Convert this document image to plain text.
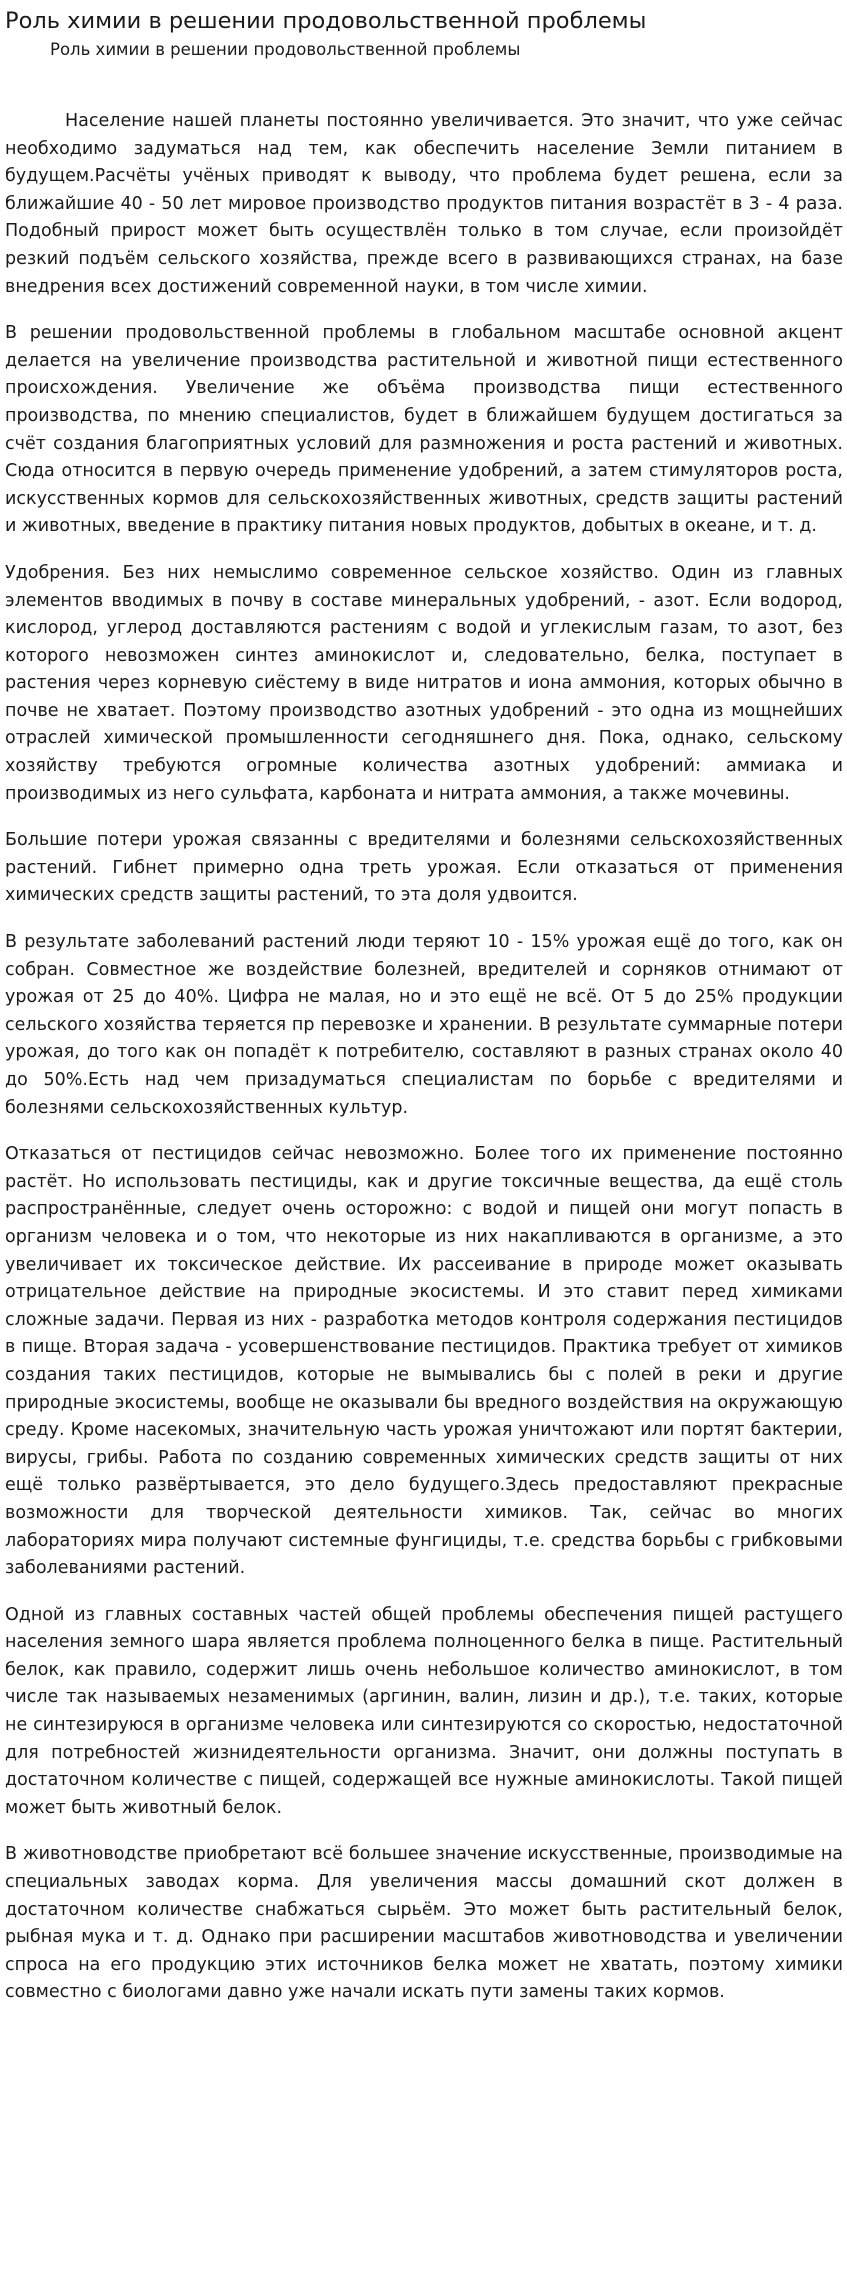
Роль химии в решении продовольственной проблемы
Роль химии в решении продовольственной проблемы

Население нашей планеты постоянно увеличивается. Это значит, что уже сейчас необходимо задуматься над тем, как обеспечить население Земли питанием в будущем.Расчёты учёных приводят к выводу, что проблема будет решена, если за ближайшие 40 - 50 лет мировое производство продуктов питания возрастёт в 3 - 4 раза. Подобный прирост может быть осуществлён только в том случае, если произойдёт резкий подъём сельского хозяйства, прежде всего в развивающихся странах, на базе внедрения всех достижений современной науки, в том числе химии.

В решении продовольственной проблемы в глобальном масштабе основной акцент делается на увеличение производства растительной и животной пищи естественного происхождения. Увеличение же объёма производства пищи естественного производства, по мнению специалистов, будет в ближайшем будущем достигаться за счёт создания благоприятных условий для размножения и роста растений и животных. Сюда относится в первую очередь применение удобрений, а затем стимуляторов роста, искусственных кормов для сельскохозяйственных животных, средств защиты растений и животных, введение в практику питания новых продуктов, добытых в океане, и т. д.

Удобрения. Без них немыслимо современное сельское хозяйство. Один из главных элементов вводимых в почву в составе минеральных удобрений, - азот. Если водород, кислород, углерод доставляются растениям с водой и углекислым газам, то азот, без которого невозможен синтез аминокислот и, следовательно, белка, поступает в растения через корневую сиёстему в виде нитратов и иона аммония, которых обычно в почве не хватает. Поэтому производство азотных удобрений - это одна из мощнейших отраслей химической промышленности сегодняшнего дня. Пока, однако, сельскому хозяйству требуются огромные количества азотных удобрений: аммиака и производимых из него сульфата, карбоната и нитрата аммония, а также мочевины.

Большие потери урожая связанны с вредителями и болезнями сельскохозяйственных растений. Гибнет примерно одна треть урожая. Если отказаться от применения химических средств защиты растений, то эта доля удвоится.

В результате заболеваний растений люди теряют 10 - 15% урожая ещё до того, как он собран. Совместное же воздействие болезней, вредителей и сорняков отнимают от урожая от 25 до 40%. Цифра не малая, но и это ещё не всё. От 5 до 25% продукции сельского хозяйства теряется пр перевозке и хранении. В результате суммарные потери урожая, до того как он попадёт к потребителю, составляют в разных странах около 40 до 50%.Есть над чем призадуматься специалистам по борьбе с вредителями и болезнями сельскохозяйственных культур.

Отказаться от пестицидов сейчас невозможно. Более того их применение постоянно растёт. Но использовать пестициды, как и другие токсичные вещества, да ещё столь распространённые, следует очень осторожно: с водой и пищей они могут попасть в организм человека и о том, что некоторые из них накапливаются в организме, а это увеличивает их токсическое действие. Их рассеивание в природе может оказывать отрицательное действие на природные экосистемы. И это ставит перед химиками сложные задачи. Первая из них - разработка методов контроля содержания пестицидов в пище. Вторая задача - усовершенствование пестицидов. Практика требует от химиков создания таких пестицидов, которые не вымывались бы с полей в реки и другие природные экосистемы, вообще не оказывали бы вредного воздействия на окружающую среду. Кроме насекомых, значительную часть урожая уничтожают или портят бактерии, вирусы, грибы. Работа по созданию современных химических средств защиты от них ещё только развёртывается, это дело будущего.Здесь предоставляют прекрасные возможности для творческой деятельности химиков. Так, сейчас во многих лабораториях мира получают системные фунгициды, т.е. средства борьбы с грибковыми заболеваниями растений.

Одной из главных составных частей общей проблемы обеспечения пищей растущего населения земного шара является проблема полноценного белка в пище. Растительный белок, как правило, содержит лишь очень небольшое количество аминокислот, в том числе так называемых незаменимых (аргинин, валин, лизин и др.), т.е. таких, которые не синтезируюся в организме человека или синтезируются со скоростью, недостаточной для потребностей жизнидеятельности организма. Значит, они должны поступать в достаточном количестве с пищей, содержащей все нужные аминокислоты. Такой пищей может быть животный белок.

В животноводстве приобретают всё большее значение искусственные, производимые на специальных заводах корма. Для увеличения массы домашний скот должен в достаточном количестве снабжаться сырьём. Это может быть растительный белок, рыбная мука и т. д. Однако при расширении масштабов животноводства и увеличении спроса на его продукцию этих источников белка может не хватать, поэтому химики совместно с биологами давно уже начали искать пути замены таких кормов.
